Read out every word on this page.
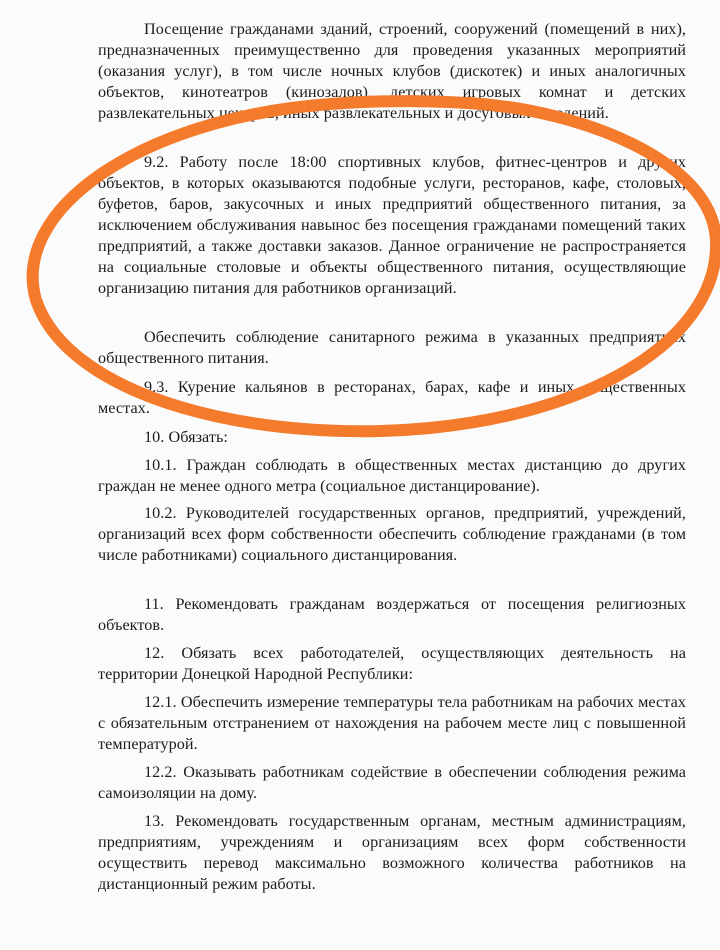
Посещение гражданами зданий, строений, сооружений (помещений в них), предназначенных преимущественно для проведения указанных мероприятий (оказания услуг), в том числе ночных клубов (дискотек) и иных аналогичных объектов, кинотеатров (кинозалов), детских игровых комнат и детских развлекательных центров, иных развлекательных и досуговых заведений.
9.2. Работу после 18:00 спортивных клубов, фитнес-центров и других объектов, в которых оказываются подобные услуги, ресторанов, кафе, столовых, буфетов, баров, закусочных и иных предприятий общественного питания, за исключением обслуживания навынос без посещения гражданами помещений таких предприятий, а также доставки заказов. Данное ограничение не распространяется на социальные столовые и объекты общественного питания, осуществляющие организацию питания для работников организаций.
Обеспечить соблюдение санитарного режима в указанных предприятиях общественного питания.
9.3. Курение кальянов в ресторанах, барах, кафе и иных общественных местах.
10. Обязать:
10.1. Граждан соблюдать в общественных местах дистанцию до других граждан не менее одного метра (социальное дистанцирование).
10.2. Руководителей государственных органов, предприятий, учреждений, организаций всех форм собственности обеспечить соблюдение гражданами (в том числе работниками) социального дистанцирования.
11. Рекомендовать гражданам воздержаться от посещения религиозных объектов.
12. Обязать всех работодателей, осуществляющих деятельность на территории Донецкой Народной Республики:
12.1. Обеспечить измерение температуры тела работникам на рабочих местах с обязательным отстранением от нахождения на рабочем месте лиц с повышенной температурой.
12.2. Оказывать работникам содействие в обеспечении соблюдения режима самоизоляции на дому.
13. Рекомендовать государственным органам, местным администрациям, предприятиям, учреждениям и организациям всех форм собственности осуществить перевод максимально возможного количества работников на дистанционный режим работы.
